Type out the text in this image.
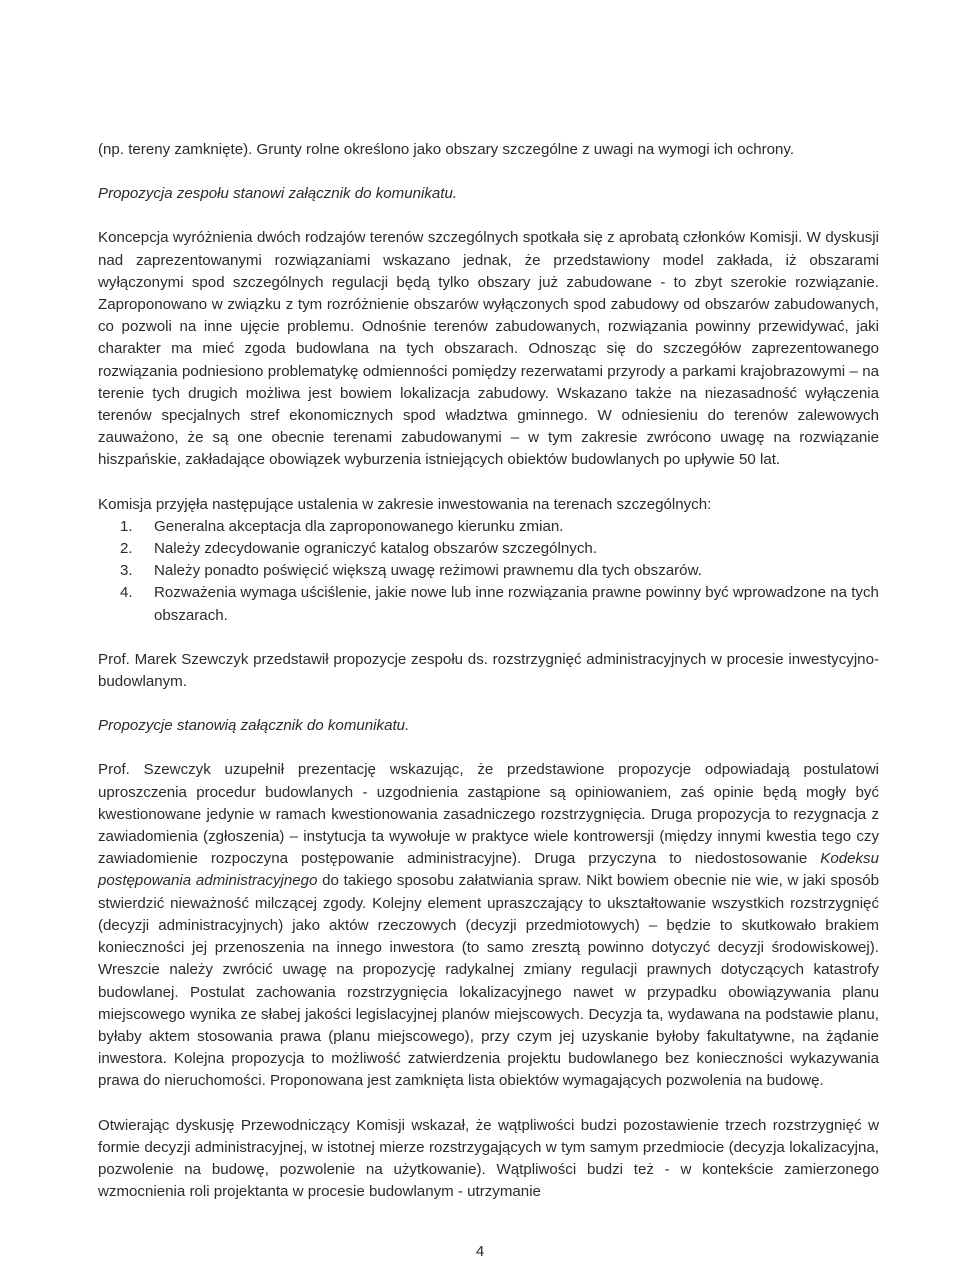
(np. tereny zamknięte). Grunty rolne określono jako obszary szczególne z uwagi na wymogi ich ochrony.

Propozycja zespołu stanowi załącznik do komunikatu.

Koncepcja wyróżnienia dwóch rodzajów terenów szczególnych spotkała się z aprobatą członków Komisji. W dyskusji nad zaprezentowanymi rozwiązaniami wskazano jednak, że przedstawiony model zakłada, iż obszarami wyłączonymi spod szczególnych regulacji będą tylko obszary już zabudowane - to zbyt szerokie rozwiązanie. Zaproponowano w związku z tym rozróżnienie obszarów wyłączonych spod zabudowy od obszarów zabudowanych, co pozwoli na inne ujęcie problemu. Odnośnie terenów zabudowanych, rozwiązania powinny przewidywać, jaki charakter ma mieć zgoda budowlana na tych obszarach. Odnosząc się do szczegółów zaprezentowanego rozwiązania podniesiono problematykę odmienności pomiędzy rezerwatami przyrody a parkami krajobrazowymi – na terenie tych drugich możliwa jest bowiem lokalizacja zabudowy. Wskazano także na niezasadność wyłączenia terenów specjalnych stref ekonomicznych spod władztwa gminnego. W odniesieniu do terenów zalewowych zauważono, że są one obecnie terenami zabudowanymi – w tym zakresie zwrócono uwagę na rozwiązanie hiszpańskie, zakładające obowiązek wyburzenia istniejących obiektów budowlanych po upływie 50 lat.

Komisja przyjęła następujące ustalenia w zakresie inwestowania na terenach szczególnych:

1.	Generalna akceptacja dla zaproponowanego kierunku zmian.
2.	Należy zdecydowanie ograniczyć katalog obszarów szczególnych.
3.	Należy ponadto poświęcić większą uwagę reżimowi prawnemu dla tych obszarów.
4.	Rozważenia wymaga uściślenie, jakie nowe lub inne rozwiązania prawne powinny być wprowadzone na tych obszarach.

Prof. Marek Szewczyk przedstawił propozycje zespołu ds. rozstrzygnięć administracyjnych w procesie inwestycyjno-budowlanym.

Propozycje stanowią załącznik do komunikatu.

Prof. Szewczyk uzupełnił prezentację wskazując, że przedstawione propozycje odpowiadają postulatowi uproszczenia procedur budowlanych - uzgodnienia zastąpione są opiniowaniem, zaś opinie będą mogły być kwestionowane jedynie w ramach kwestionowania zasadniczego rozstrzygnięcia. Druga propozycja to rezygnacja z zawiadomienia (zgłoszenia) – instytucja ta wywołuje w praktyce wiele kontrowersji (między innymi kwestia tego czy zawiadomienie rozpoczyna postępowanie administracyjne). Druga przyczyna to niedostosowanie Kodeksu postępowania administracyjnego do takiego sposobu załatwiania spraw. Nikt bowiem obecnie nie wie, w jaki sposób stwierdzić nieważność milczącej zgody. Kolejny element upraszczający to ukształtowanie wszystkich rozstrzygnięć (decyzji administracyjnych) jako aktów rzeczowych (decyzji przedmiotowych) – będzie to skutkowało brakiem konieczności jej przenoszenia na innego inwestora (to samo zresztą powinno dotyczyć decyzji środowiskowej). Wreszcie należy zwrócić uwagę na propozycję radykalnej zmiany regulacji prawnych dotyczących katastrofy budowlanej. Postulat zachowania rozstrzygnięcia lokalizacyjnego nawet w przypadku obowiązywania planu miejscowego wynika ze słabej jakości legislacyjnej planów miejscowych. Decyzja ta, wydawana na podstawie planu, byłaby aktem stosowania prawa (planu miejscowego), przy czym jej uzyskanie byłoby fakultatywne, na żądanie inwestora. Kolejna propozycja to możliwość zatwierdzenia projektu budowlanego bez konieczności wykazywania prawa do nieruchomości. Proponowana jest zamknięta lista obiektów wymagających pozwolenia na budowę.

Otwierając dyskusję Przewodniczący Komisji wskazał, że wątpliwości budzi pozostawienie trzech rozstrzygnięć w formie decyzji administracyjnej, w istotnej mierze rozstrzygających w tym samym przedmiocie (decyzja lokalizacyjna, pozwolenie na budowę, pozwolenie na użytkowanie). Wątpliwości budzi też - w kontekście zamierzonego wzmocnienia roli projektanta w procesie budowlanym - utrzymanie

4
